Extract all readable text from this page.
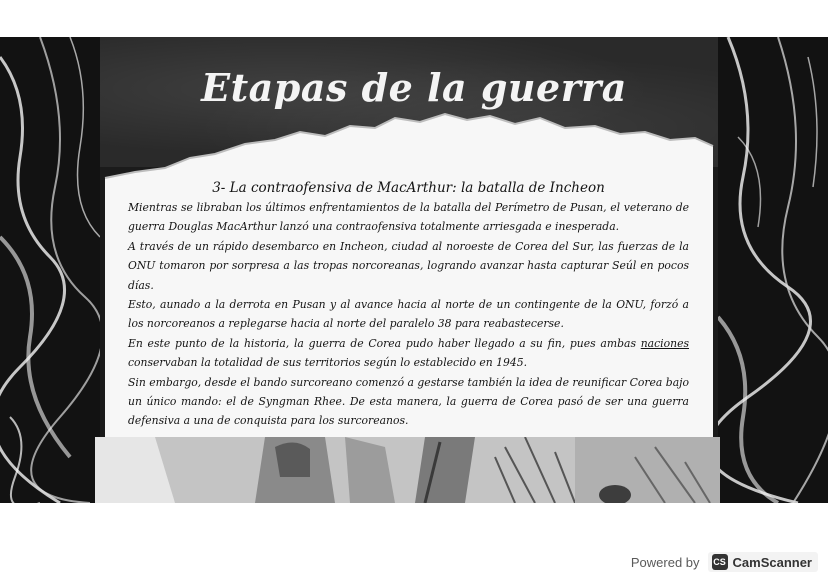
Etapas de la guerra

3- La contraofensiva de MacArthur: la batalla de Incheon

Mientras se libraban los últimos enfrentamientos de la batalla del Perímetro de Pusan, el veterano de guerra Douglas MacArthur lanzó una contraofensiva totalmente arriesgada e inesperada.

A través de un rápido desembarco en Incheon, ciudad al noroeste de Corea del Sur, las fuerzas de la ONU tomaron por sorpresa a las tropas norcoreanas, logrando avanzar hasta capturar Seúl en pocos días.

Esto, aunado a la derrota en Pusan y al avance hacia al norte de un contingente de la ONU, forzó a los norcoreanos a replegarse hacia al norte del paralelo 38 para reabastecerse.

En este punto de la historia, la guerra de Corea pudo haber llegado a su fin, pues ambas naciones conservaban la totalidad de sus territorios según lo establecido en 1945.

Sin embargo, desde el bando surcoreano comenzó a gestarse también la idea de reunificar Corea bajo un único mando: el de Syngman Rhee. De esta manera, la guerra de Corea pasó de ser una guerra defensiva a una de conquista para los surcoreanos.

Powered by CS CamScanner
